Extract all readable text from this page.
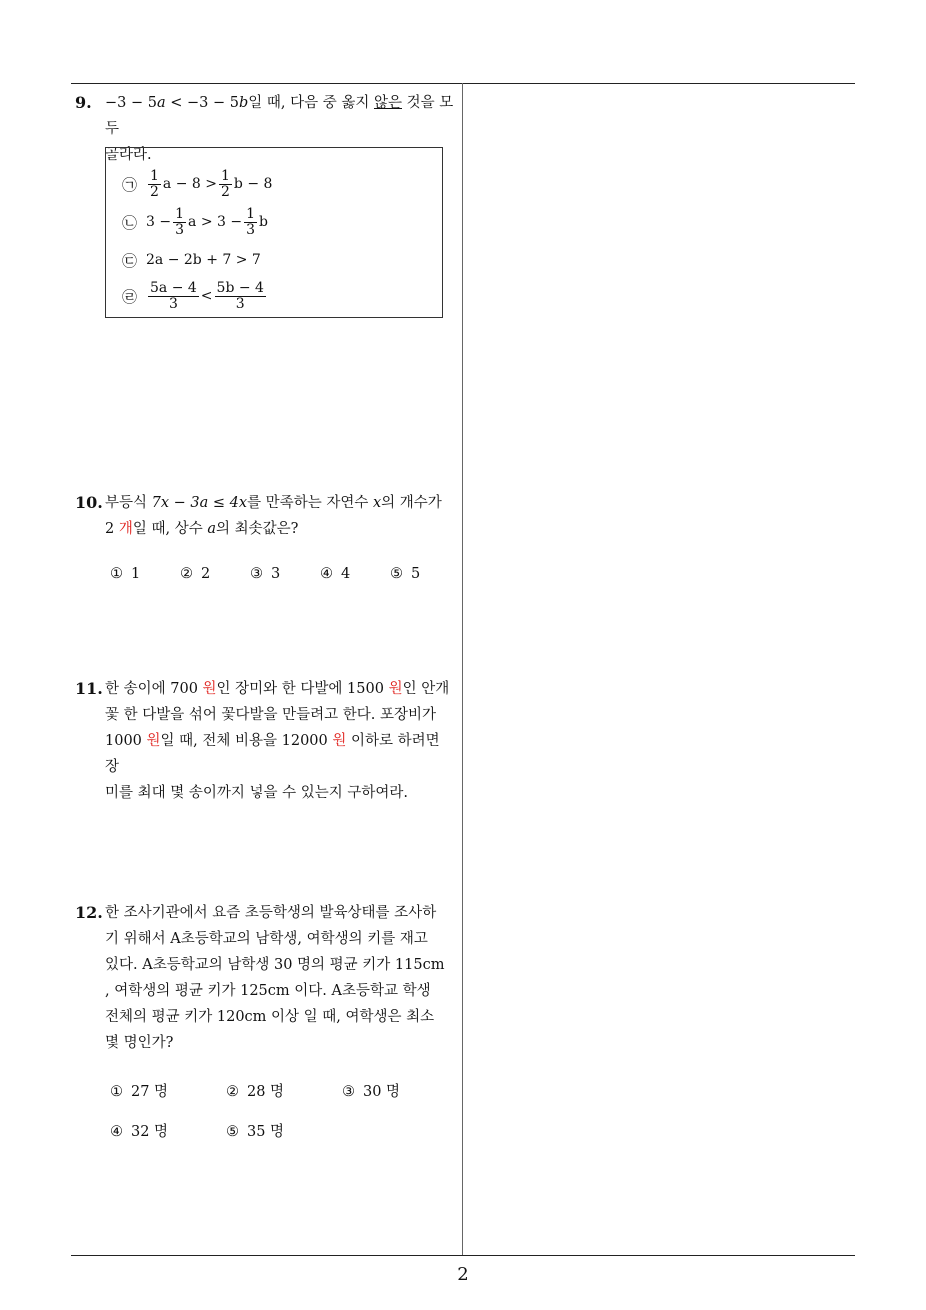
9. −3 − 5a < −3 − 5b일 때, 다음 중 옳지 않은 것을 모두

골라라.

㉠ $\frac{1}{2}$ $a - 8 > \frac{1}{2}$ b − 8
㉡ $3 - \frac{1}{3}$ $a > 3 - \frac{1}{3}$ b
㉢ 2a − 2b + 7 > 7
㉣ $\frac{5a - 4}{3} < \frac{5b - 4}{3}$
10. 부등식 7x − 3a ≤ 4x를 만족하는 자연수 x의 개수가

2 개일 때, 상수 a의 최솟값은?

① 1	② 2	③ 3	④ 4	⑤ 5
11. 한 송이에 700 원인 장미와 한 다발에 1500 원인 안개

꽃 한 다발을 섞어 꽃다발을 만들려고 한다. 포장비가

1000 원일 때, 전체 비용을 12000 원 이하로 하려면 장

미를 최대 몇 송이까지 넣을 수 있는지 구하여라.

12. 한 조사기관에서 요즘 초등학생의 발육상태를 조사하

기 위해서 A초등학교의 남학생, 여학생의 키를 재고

있다. A초등학교의 남학생 30 명의 평균 키가 115cm

, 여학생의 평균 키가 125cm 이다. A초등학교 학생

전체의 평균 키가 120cm 이상 일 때, 여학생은 최소

몇 명인가?

① 27 명	② 28 명	③ 30 명
④ 32 명	⑤ 35 명
2
